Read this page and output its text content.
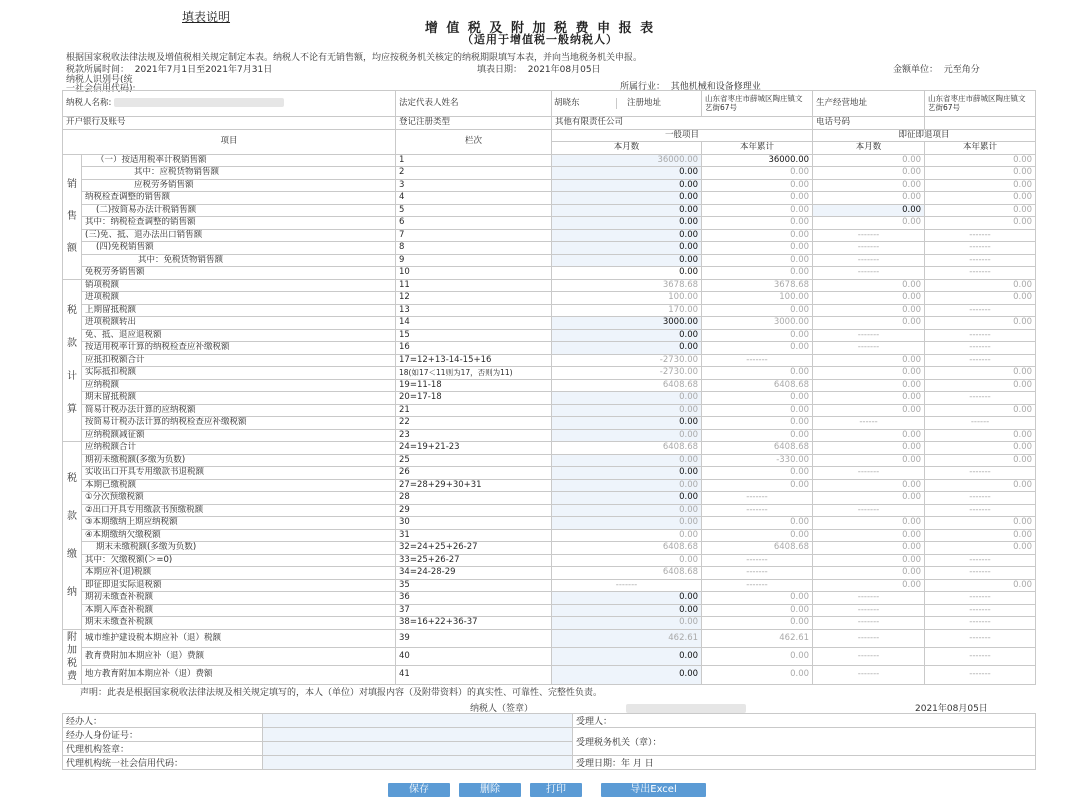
填表说明
增 值 税 及 附 加 税 费 申 报 表
（适用于增值税一般纳税人）
根据国家税收法律法规及增值税相关规定制定本表。纳税人不论有无销售额，均应按税务机关核定的纳税期限填写本表，并向当地税务机关申报。
税款所属时间： 2021年7月1日至2021年7月31日	填表日期： 2021年08月05日	金额单位： 元至角分
纳税人识别号(统
一社会信用代码):	所属行业： 其他机械和设备修理业
纳税人名称:		法定代表人姓名	胡晓东 注册地址	山东省枣庄市薛城区陶庄镇文艺街67号	生产经营地址	山东省枣庄市薛城区陶庄镇文艺街67号
开户银行及账号		登记注册类型	其他有限责任公司		电话号码	
项目		栏次	一般项目		即征即退项目	
			本月数	本年累计	本月数	本年累计

销
售
额	（一）按适用税率计税销售额	1	36000.00	36000.00	0.00	0.00
	其中：应税货物销售额	2	0.00	0.00	0.00	0.00
	应税劳务销售额	3	0.00	0.00	0.00	0.00
	纳税检查调整的销售额	4	0.00	0.00	0.00	0.00
	(二)按简易办法计税销售额	5	0.00	0.00	0.00	0.00
	其中：纳税检查调整的销售额	6	0.00	0.00	0.00	0.00
	(三)免、抵、退办法出口销售额	7	0.00	0.00	-------	-------
	(四)免税销售额	8	0.00	0.00	-------	-------
	其中：免税货物销售额	9	0.00	0.00	-------	-------
	免税劳务销售额	10	0.00	0.00	-------	-------

税
款
计
算	销项税额	11	3678.68	3678.68	0.00	0.00
	进项税额	12	100.00	100.00	0.00	0.00
	上期留抵税额	13	170.00	0.00	0.00	-------
	进项税额转出	14	3000.00	3000.00	0.00	0.00
	免、抵、退应退税额	15	0.00	0.00	-------	-------
	按适用税率计算的纳税检查应补缴税额	16	0.00	0.00	-------	-------
	应抵扣税额合计	17=12+13-14-15+16	-2730.00	-------	0.00	-------
	实际抵扣税额	18(如17＜11则为17，否则为11)	-2730.00	0.00	0.00	0.00
	应纳税额	19=11-18	6408.68	6408.68	0.00	0.00
	期末留抵税额	20=17-18	0.00	0.00	0.00	-------
	简易计税办法计算的应纳税额	21	0.00	0.00	0.00	0.00
	按简易计税办法计算的纳税检查应补缴税额	22	0.00	0.00	------	------
	应纳税额减征额	23	0.00	0.00	0.00	0.00

税
款
缴
纳	应纳税额合计	24=19+21-23	6408.68	6408.68	0.00	0.00
	期初未缴税额(多缴为负数)	25	0.00	-330.00	0.00	0.00
	实收出口开具专用缴款书退税额	26	0.00	0.00	-------	-------
	本期已缴税额	27=28+29+30+31	0.00	0.00	0.00	0.00
	①分次预缴税额	28	0.00	-------	0.00	-------
	②出口开具专用缴款书预缴税额	29	0.00	-------	-------	-------
	③本期缴纳上期应纳税额	30	0.00	0.00	0.00	0.00
	④本期缴纳欠缴税额	31	0.00	0.00	0.00	0.00
	期末未缴税额(多缴为负数)	32=24+25+26-27	6408.68	6408.68	0.00	0.00
	其中：欠缴税额(＞=0)	33=25+26-27	0.00	-------	0.00	-------
	本期应补(退)税额	34=24-28-29	6408.68	-------	0.00	-------
	即征即退实际退税额	35	-------	-------	0.00	0.00
	期初未缴查补税额	36	0.00	0.00	-------	-------
	本期入库查补税额	37	0.00	0.00	-------	-------
	期末未缴查补税额	38=16+22+36-37	0.00	0.00	-------	-------

附
加
税
费	城市维护建设税本期应补（退）税额	39	462.61	462.61	-------	-------
	教育费附加本期应补（退）费额	40	0.00	0.00	-------	-------
	地方教育附加本期应补（退）费额	41	0.00	0.00	-------	-------
声明：此表是根据国家税收法律法规及相关规定填写的，本人（单位）对填报内容（及附带资料）的真实性、可靠性、完整性负责。
纳税人（签章）	2021年08月05日
经办人：		受理人：
经办人身份证号：		受理税务机关（章）：
代理机构签章：		
代理机构统一社会信用代码：		受理日期：年 月 日
保存	删除	打印	导出Excel
